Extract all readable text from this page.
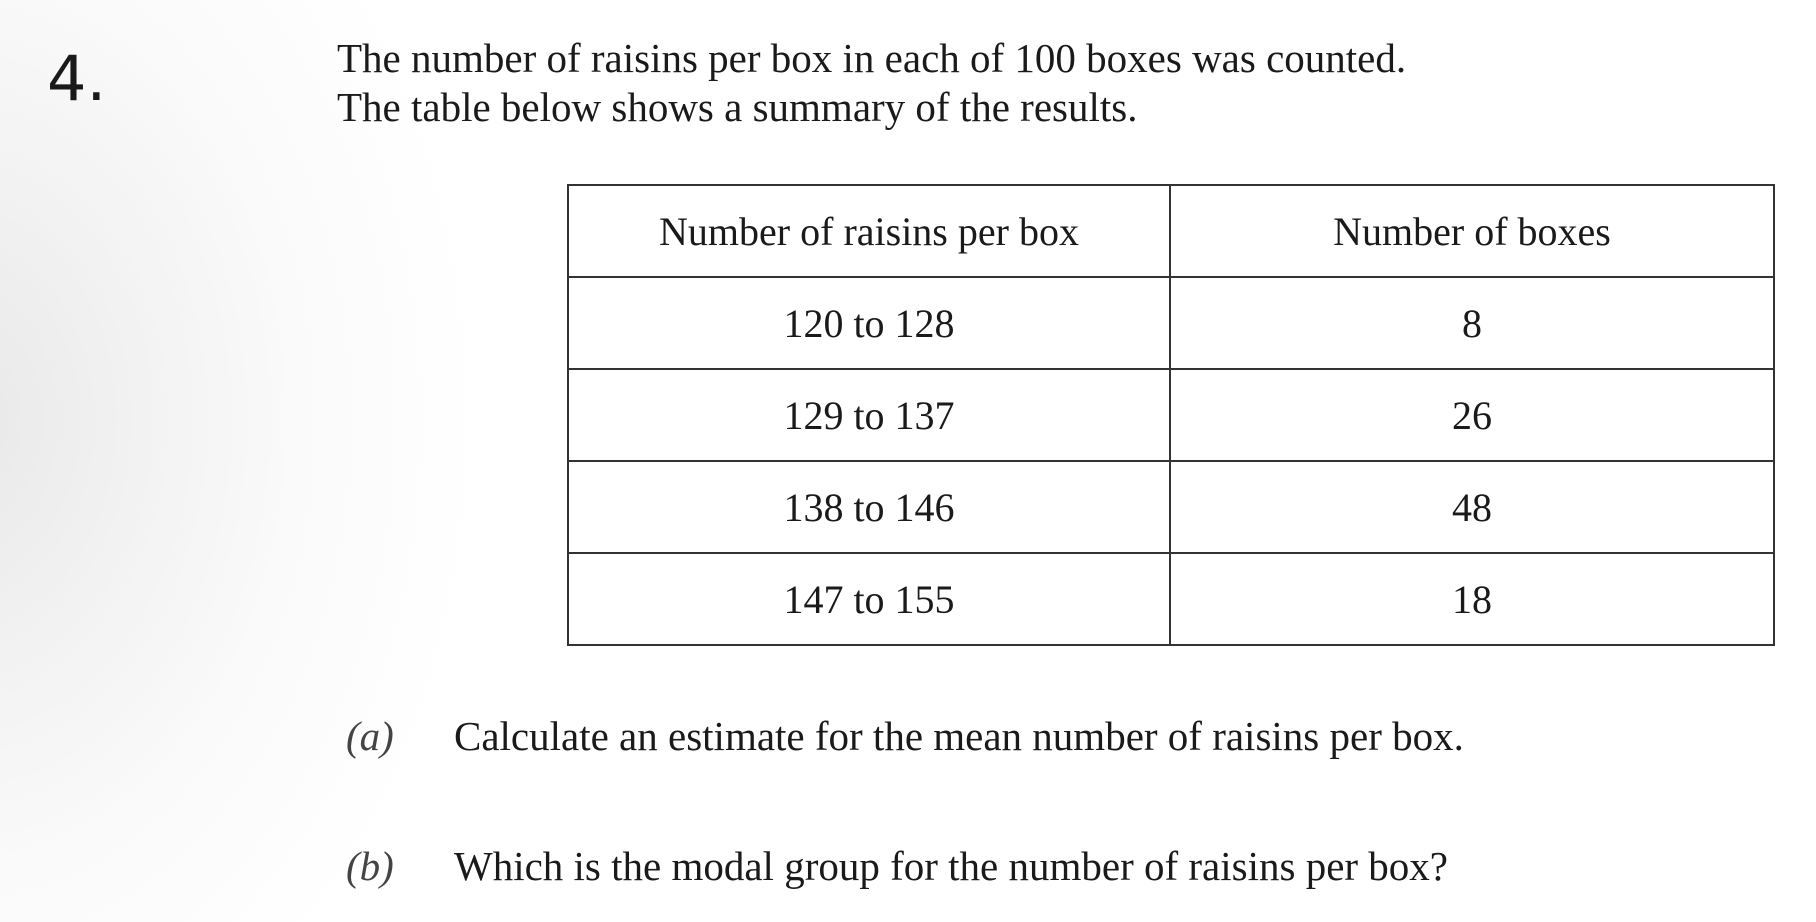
4.	The number of raisins per box in each of 100 boxes was counted.
The table below shows a summary of the results.
Number of raisins per box	Number of boxes
120 to 128	8
129 to 137	26
138 to 146	48
147 to 155	18
(a) Calculate an estimate for the mean number of raisins per box.
(b) Which is the modal group for the number of raisins per box?
